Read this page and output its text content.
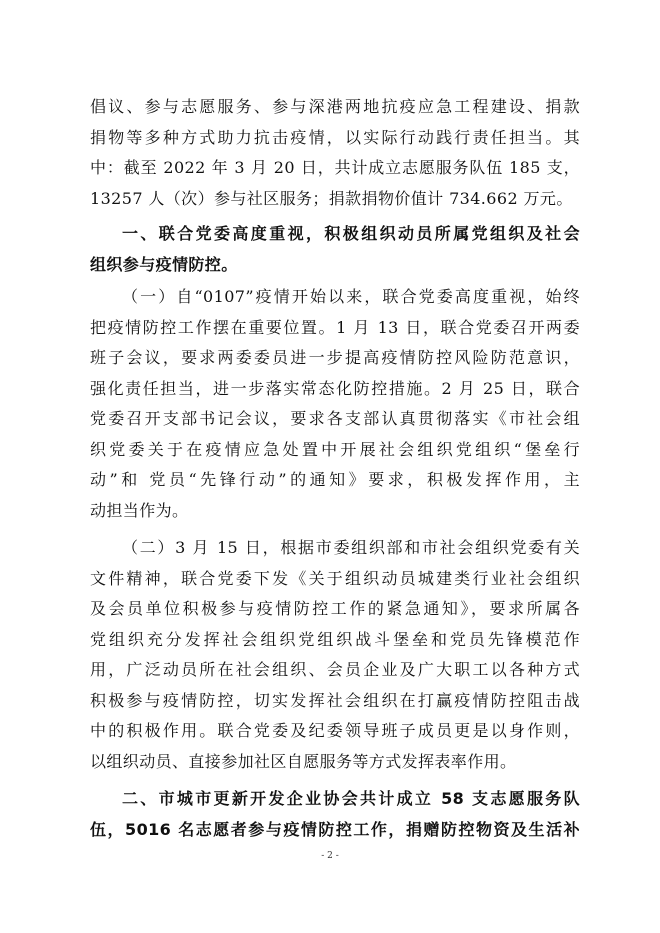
倡议、参与志愿服务、参与深港两地抗疫应急工程建设、捐款
捐物等多种方式助力抗击疫情，以实际行动践行责任担当。其
中：截至 2022 年 3 月 20 日，共计成立志愿服务队伍 185 支，
13257 人（次）参与社区服务；捐款捐物价值计 734.662 万元。

一、联合党委高度重视，积极组织动员所属党组织及社会
组织参与疫情防控。

（一）自“0107”疫情开始以来，联合党委高度重视，始终
把疫情防控工作摆在重要位置。1 月 13 日，联合党委召开两委
班子会议，要求两委委员进一步提高疫情防控风险防范意识，
强化责任担当，进一步落实常态化防控措施。2 月 25 日，联合
党委召开支部书记会议，要求各支部认真贯彻落实《市社会组
织党委关于在疫情应急处置中开展社会组织党组织“堡垒行
动”和 党员“先锋行动”的通知》要求，积极发挥作用，主
动担当作为。

（二）3 月 15 日，根据市委组织部和市社会组织党委有关
文件精神，联合党委下发《关于组织动员城建类行业社会组织
及会员单位积极参与疫情防控工作的紧急通知》，要求所属各
党组织充分发挥社会组织党组织战斗堡垒和党员先锋模范作
用，广泛动员所在社会组织、会员企业及广大职工以各种方式
积极参与疫情防控，切实发挥社会组织在打赢疫情防控阻击战
中的积极作用。联合党委及纪委领导班子成员更是以身作则，
以组织动员、直接参加社区自愿服务等方式发挥表率作用。

二、市城市更新开发企业协会共计成立 58 支志愿服务队
伍，5016 名志愿者参与疫情防控工作，捐赠防控物资及生活补

- 2 -
